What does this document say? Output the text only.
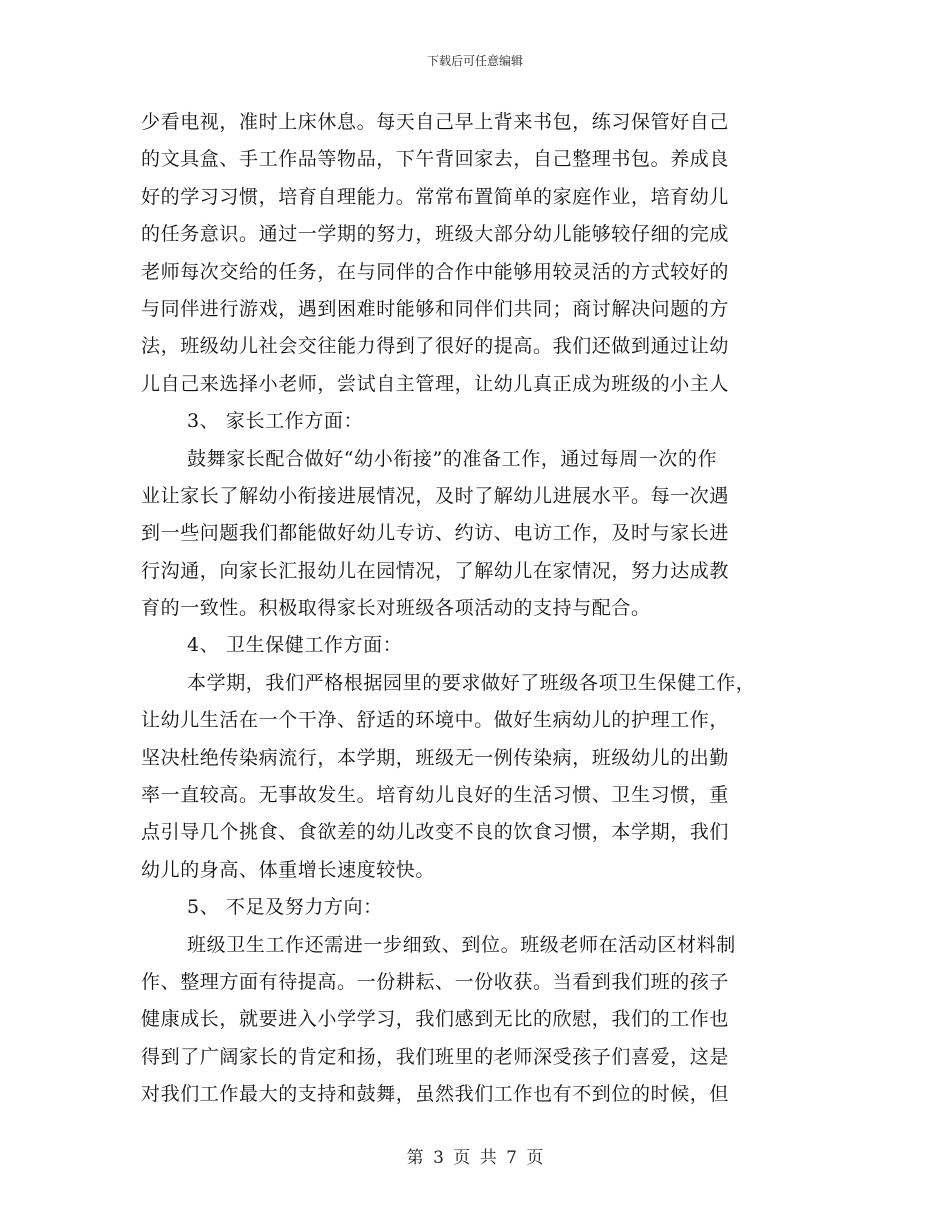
下载后可任意编辑
少看电视，准时上床休息。每天自己早上背来书包，练习保管好自己
的文具盒、手工作品等物品，下午背回家去，自己整理书包。养成良
好的学习习惯，培育自理能力。常常布置简单的家庭作业，培育幼儿
的任务意识。通过一学期的努力，班级大部分幼儿能够较仔细的完成
老师每次交给的任务，在与同伴的合作中能够用较灵活的方式较好的
与同伴进行游戏，遇到困难时能够和同伴们共同；商讨解决问题的方
法，班级幼儿社会交往能力得到了很好的提高。我们还做到通过让幼
儿自己来选择小老师，尝试自主管理，让幼儿真正成为班级的小主人
3、 家长工作方面：
鼓舞家长配合做好“幼小衔接”的准备工作，通过每周一次的作
业让家长了解幼小衔接进展情况，及时了解幼儿进展水平。每一次遇
到一些问题我们都能做好幼儿专访、约访、电访工作，及时与家长进
行沟通，向家长汇报幼儿在园情况，了解幼儿在家情况，努力达成教
育的一致性。积极取得家长对班级各项活动的支持与配合。
4、 卫生保健工作方面：
本学期，我们严格根据园里的要求做好了班级各项卫生保健工作，
让幼儿生活在一个干净、舒适的环境中。做好生病幼儿的护理工作，
坚决杜绝传染病流行，本学期，班级无一例传染病，班级幼儿的出勤
率一直较高。无事故发生。培育幼儿良好的生活习惯、卫生习惯，重
点引导几个挑食、食欲差的幼儿改变不良的饮食习惯，本学期，我们
幼儿的身高、体重增长速度较快。
5、 不足及努力方向：
班级卫生工作还需进一步细致、到位。班级老师在活动区材料制
作、整理方面有待提高。一份耕耘、一份收获。当看到我们班的孩子
健康成长，就要进入小学学习，我们感到无比的欣慰，我们的工作也
得到了广阔家长的肯定和扬，我们班里的老师深受孩子们喜爱，这是
对我们工作最大的支持和鼓舞，虽然我们工作也有不到位的时候，但
第 3 页 共 7 页
